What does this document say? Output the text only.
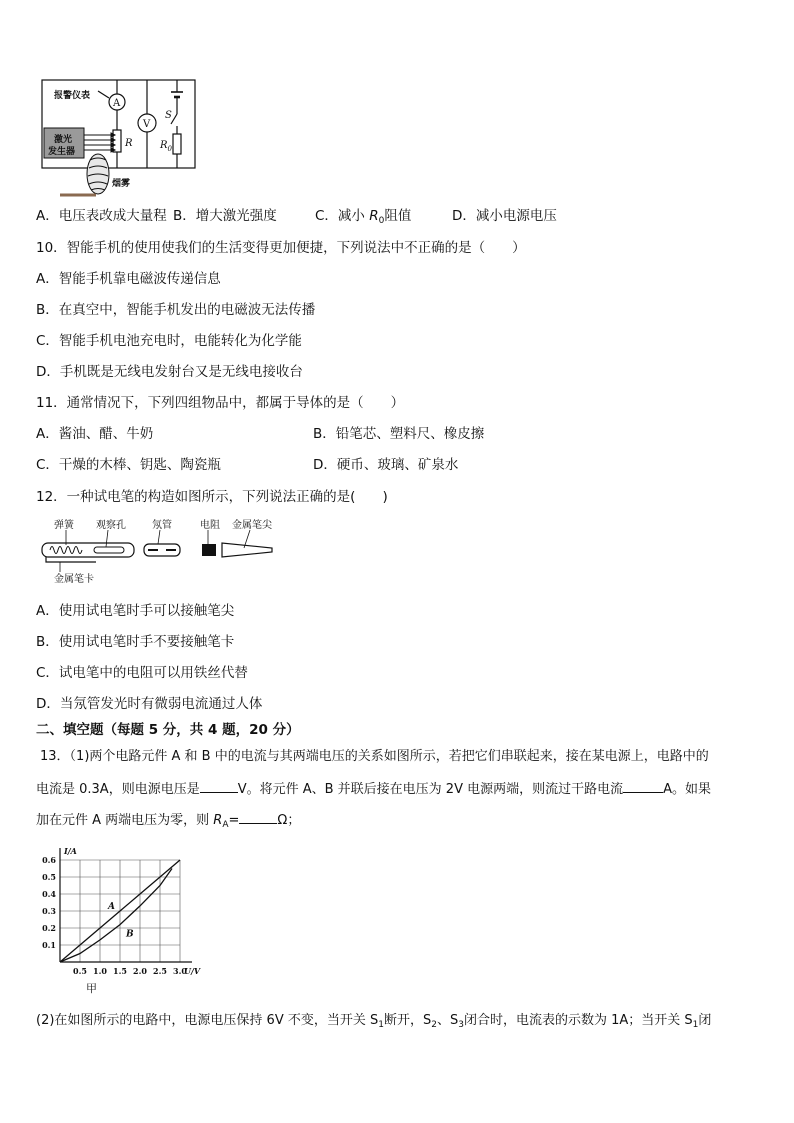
报警仪表
A
V
R
S
$R_0$
激光
发生器
烟雾
A．电压表改成大量程 B．增大激光强度	C．减小 $R_0$阻值	D．减小电源电压
10．智能手机的使用使我们的生活变得更加便捷，下列说法中不正确的是（　　）
A．智能手机靠电磁波传递信息
B．在真空中，智能手机发出的电磁波无法传播
C．智能手机电池充电时，电能转化为化学能
D．手机既是无线电发射台又是无线电接收台
11．通常情况下，下列四组物品中，都属于导体的是（　　）
A．酱油、醋、牛奶	B．铅笔芯、塑料尺、橡皮擦
C．干燥的木棒、钥匙、陶瓷瓶	D．硬币、玻璃、矿泉水
12．一种试电笔的构造如图所示，下列说法正确的是(　　)
弹簧 观察孔	氖管	电阻 金属笔尖
金属笔卡
A．使用试电笔时手可以接触笔尖
B．使用试电笔时手不要接触笔卡
C．试电笔中的电阻可以用铁丝代替
D．当氖管发光时有微弱电流通过人体
二、填空题（每题 5 分，共 4 题，20 分）
13．（1)两个电路元件 A 和 B 中的电流与其两端电压的关系如图所示，若把它们串联起来，接在某电源上，电路中的
电流是 0.3A，则电源电压是	V。将元件 A、B 并联后接在电压为 2V 电源两端，则流过干路电流	A。如果
加在元件 A 两端电压为零，则 $R_A=$	Ω；
0.5 1.0 1.5 2.0 2.5 3.0
0.1
0.2
0.3
0.4
0.5
0.6
U/V
I/A
A
B
甲
(2)在如图所示的电路中，电源电压保持 6V 不变，当开关 $S_1$断开，$S_2$、$S_3$闭合时，电流表的示数为 1A；当开关 $S_1$闭
